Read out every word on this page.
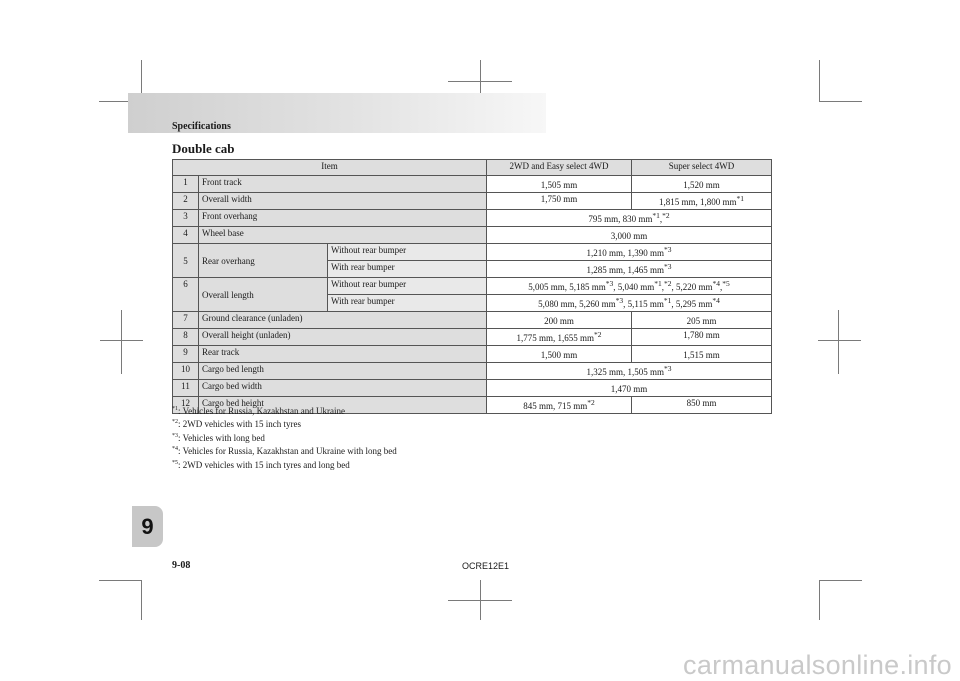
Specifications
Double cab
Item			2WD and Easy select 4WD	Super select 4WD
1	Front track		1,505 mm	1,520 mm
2	Overall width		1,750 mm	1,815 mm, 1,800 $mm^{*1}$
3	Front overhang		795 mm, 830 $mm^{*1},^{*2}$
4	Wheel base		3,000 mm	
5	Rear overhang	Without rear bumper	1,210 mm, 1,390 $mm^{*3}$
		With rear bumper	1,285 mm, 1,465 $mm^{*3}$
6	Overall length	Without rear bumper	5,005 mm, 5,185 $mm^{*3}$, 5,040 $mm^{*1},^{*2}$, 5,220 $mm^{*4},^{*5}$
		With rear bumper	5,080 mm, 5,260 $mm^{*3}$, 5,115 $mm^{*1}$, 5,295 $mm^{*4}$
7	Ground clearance (unladen)		200 mm	205 mm
8	Overall height (unladen)		1,775 mm, 1,655 $mm^{*2}$	1,780 mm
9	Rear track		1,500 mm	1,515 mm
10	Cargo bed length		1,325 mm, 1,505 $mm^{*3}$
11	Cargo bed width		1,470 mm	
12	Cargo bed height		845 mm, 715 $mm^{*2}$	850 mm
$^{*1}$: Vehicles for Russia, Kazakhstan and Ukraine
$^{*2}$: 2WD vehicles with 15 inch tyres
$^{*3}$: Vehicles with long bed
$^{*4}$: Vehicles for Russia, Kazakhstan and Ukraine with long bed
$^{*5}$: 2WD vehicles with 15 inch tyres and long bed
9
9-08	OCRE12E1
carmanualsonline.info
